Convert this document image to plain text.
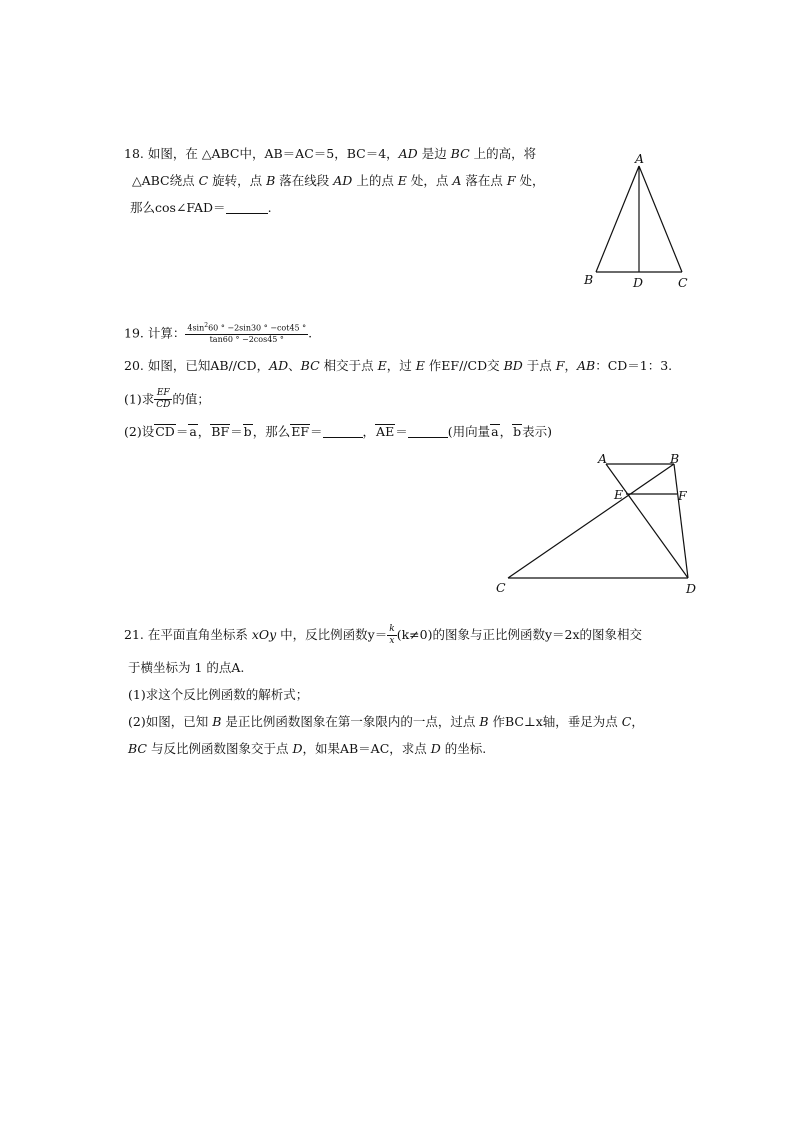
18. 如图，在 △ABC中，AB＝AC＝5，BC＝4，AD 是边 BC 上的高，将
△ABC绕点 C 旋转，点 B 落在线段 AD 上的点 E 处，点 A 落在点 F 处，
那么cos∠FAD＝	.
A
B	D	C
19. 计算： $\frac{4\sin^260 ^\circ -2\sin 30 ^\circ -\cot 45 ^\circ}{\tan 60 ^\circ -2\cos 45 ^\circ}$ .
20. 如图，已知AB//CD，AD、BC 相交于点 E，过 E 作EF//CD交 BD 于点 F，AB：CD＝1：3.
(1)求 $\frac{EF}{CD}$ 的值；
(2)设CD＝a，BF＝b，那么EF＝	，AE＝	(用向量a，b表示)
A	B
E	F
C	D
21. 在平面直角坐标系 xOy 中，反比例函数$y= \frac{k}{x} (k\ne 0)$的图象与正比例函数y＝2x的图象相交
于横坐标为 1 的点A.
(1)求这个反比例函数的解析式；
(2)如图，已知 B 是正比例函数图象在第一象限内的一点，过点 B 作BC⊥x轴，垂足为点 C，
BC 与反比例函数图象交于点 D，如果AB＝AC，求点 D 的坐标.
